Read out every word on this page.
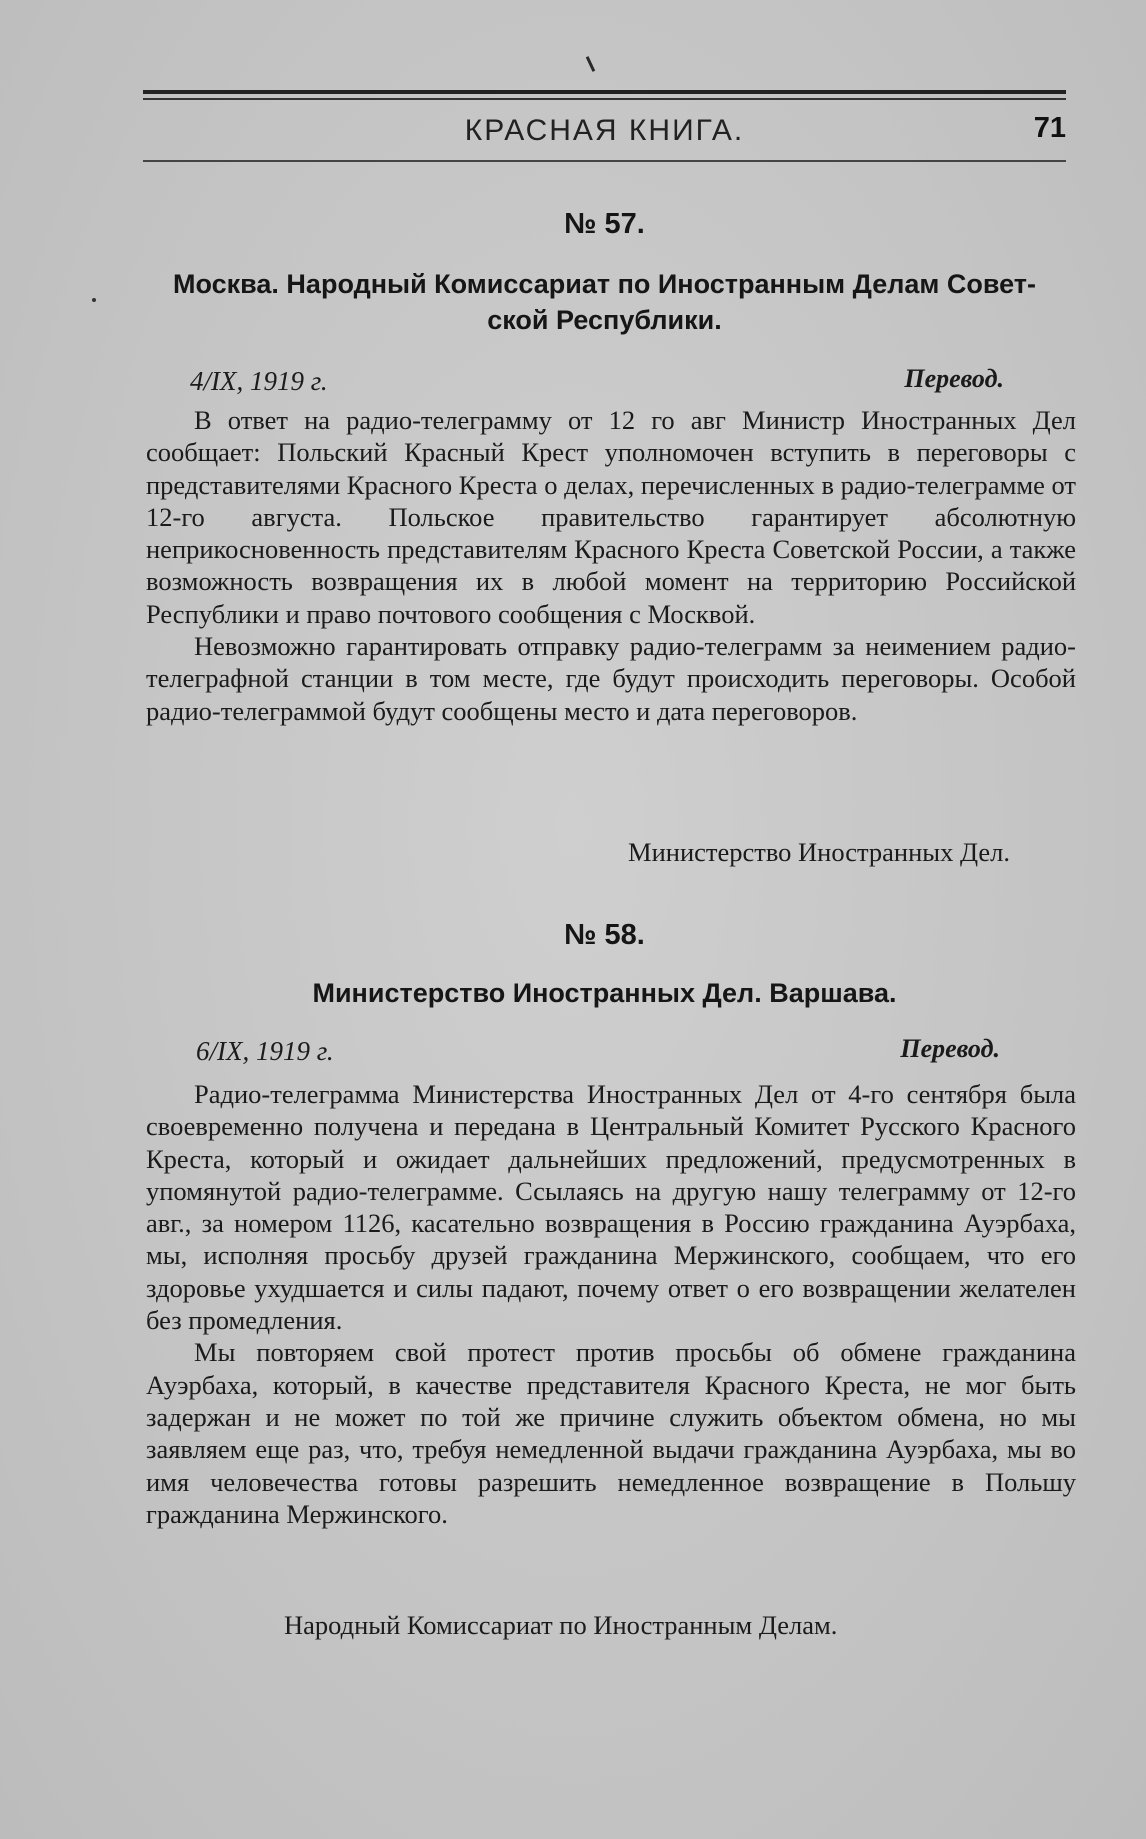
КРАСНАЯ КНИГА.	71
№ 57.
Москва. Народный Комиссариат по Иностранным Делам Совет-
ской Республики.
4/IX, 1919 г.	Перевод.

В ответ на радио-телеграмму от 12 го авг Министр Иностранных Дел сообщает: Польский Красный Крест уполномочен вступить в переговоры с представителями Красного Креста о делах, перечисленных в радио-телеграмме от 12-го августа. Польское правительство гарантирует абсолютную неприкосновенность представителям Красного Креста Советской России, а также возможность возвращения их в любой момент на территорию Российской Республики и право почтового сообщения с Москвой.

Невозможно гарантировать отправку радио-телеграмм за неимением радио-телеграфной станции в том месте, где будут происходить переговоры. Особой радио-телеграммой будут сообщены место и дата переговоров.

Министерство Иностранных Дел.
№ 58.
Министерство Иностранных Дел. Варшава.
6/IX, 1919 г.	Перевод.

Радио-телеграмма Министерства Иностранных Дел от 4-го сентября была своевременно получена и передана в Центральный Комитет Русского Красного Креста, который и ожидает дальнейших предложений, предусмотренных в упомянутой радио-телеграмме. Ссылаясь на другую нашу телеграмму от 12-го авг., за номером 1126, касательно возвращения в Россию гражданина Ауэрбаха, мы, исполняя просьбу друзей гражданина Мержинского, сообщаем, что его здоровье ухудшается и силы падают, почему ответ о его возвращении желателен без промедления.

Мы повторяем свой протест против просьбы об обмене гражданина Ауэрбаха, который, в качестве представителя Красного Креста, не мог быть задержан и не может по той же причине служить объектом обмена, но мы заявляем еще раз, что, требуя немедленной выдачи гражданина Ауэрбаха, мы во имя человечества готовы разрешить немедленное возвращение в Польшу гражданина Мержинского.

Народный Комиссариат по Иностранным Делам.
